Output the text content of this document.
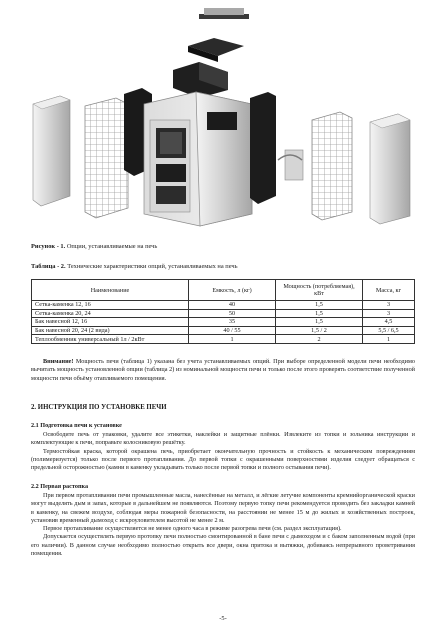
Рисунок - 1. Опции, устанавливаемые на печь
Таблица - 2. Технические характеристики опций, устанавливаемых на печь
Наименование	Емкость, л (кг)	Мощность (потребляемая), кВт	Масса, кг
Сетка-каменка 12, 16	40	1,5	3
Сетка-каменка 20, 24	50	1,5	3
Бак навесной 12, 16	35	1,5	4,5
Бак навесной 20, 24 (2 вида)	40 / 55	1,5 / 2	5,5 / 6,5
Теплообменник универсальный 1л / 2кВт	1	2	1

Внимание! Мощность печи (таблица 1) указана без учета устанавливаемых опций. При выборе определенной модели печи необходимо вычитать мощность установленной опции (таблица 2) из номинальной мощности печи и только после этого проверять соответствие полученной мощности печи объёму отапливаемого помещения.

2. ИНСТРУКЦИЯ ПО УСТАНОВКЕ ПЕЧИ
2.1 Подготовка печи к установке

Освободите печь от упаковки, удалите все этикетки, наклейки и защитные плёнки. Извлеките из топки и зольника инструкции и комплектующие к печи, поправьте колосниковую решётку.

Термостойкая краска, которой окрашена печь, приобретает окончательную прочность и стойкость к механическим повреждениям (полимеризуется) только после первого протапливания. До первой топки с окрашенными поверхностями изделия следует обращаться с предельной осторожностью (камни в каменку укладывать только после первой топки и полного остывания печи).

2.2 Первая растопка

При первом протапливании печи промышленные масла, нанесённые на металл, и лёгкие летучие компоненты кремнийорганической краски могут выделять дым и запах, которые в дальнейшем не появляются. Поэтому первую топку печи рекомендуется проводить без закладки камней в каменку, на свежем воздухе, соблюдая меры пожарной безопасности, на расстоянии не менее 15 м до жилых и хозяйственных построек, установив временный дымоход с искроуловителем высотой не менее 2 м.

Первое протапливание осуществляется не менее одного часа в режиме разогрева печи (см. раздел эксплуатация).

Допускается осуществлять первую протопку печи полностью смонтированной в бане печи с дымоходом и с баком заполненным водой (при его наличии). В данном случае необходимо полностью открыть все двери, окна притока и вытяжки, добиваясь непрерывного проветривания помещения.

-5-
